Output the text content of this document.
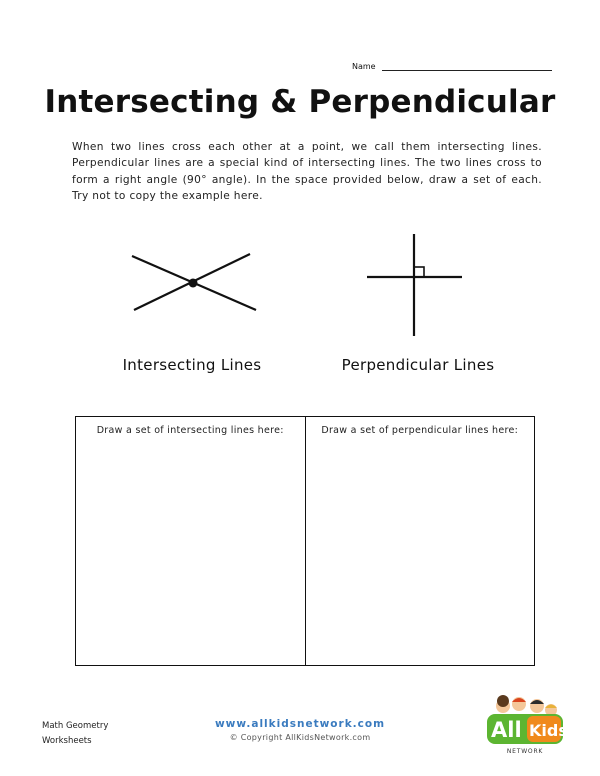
Name
Intersecting & Perpendicular
When two lines cross each other at a point, we call them intersecting lines. Perpendicular lines are a special kind of intersecting lines. The two lines cross to form a right angle (90° angle). In the space provided below, draw a set of each. Try not to copy the example here.
Intersecting Lines	Perpendicular Lines
Draw a set of intersecting lines here:	Draw a set of perpendicular lines here:
Math Geometry
Worksheets
www.allkidsnetwork.com
© Copyright AllKidsNetwork.com	All Kids
NETWORK
